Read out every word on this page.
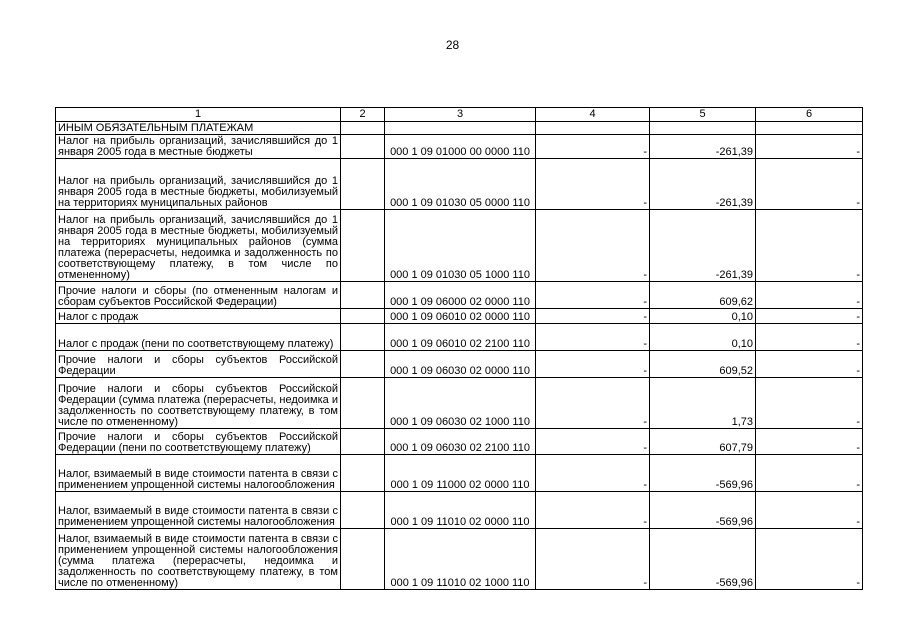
28
1	2	3	4	5	6
ИНЫМ ОБЯЗАТЕЛЬНЫМ ПЛАТЕЖАМ					
Налог на прибыль организаций, зачислявшийся до 1 января 2005 года в местные бюджеты		000 1 09 01000 00 0000 110	-	-261,39	-
Налог на прибыль организаций, зачислявшийся до 1 января 2005 года в местные бюджеты, мобилизуемый на территориях муниципальных районов		000 1 09 01030 05 0000 110	-	-261,39	-
Налог на прибыль организаций, зачислявшийся до 1 января 2005 года в местные бюджеты, мобилизуемый на территориях муниципальных районов (сумма платежа (перерасчеты, недоимка и задолженность по соответствующему платежу, в том числе по отмененному)		000 1 09 01030 05 1000 110	-	-261,39	-
Прочие налоги и сборы (по отмененным налогам и сборам субъектов Российской Федерации)		000 1 09 06000 02 0000 110	-	609,62	-
Налог с продаж		000 1 09 06010 02 0000 110	-	0,10	-
Налог с продаж (пени по соответствующему платежу)		000 1 09 06010 02 2100 110	-	0,10	-
Прочие налоги и сборы субъектов Российской Федерации		000 1 09 06030 02 0000 110	-	609,52	-
Прочие налоги и сборы субъектов Российской Федерации (сумма платежа (перерасчеты, недоимка и задолженность по соответствующему платежу, в том числе по отмененному)		000 1 09 06030 02 1000 110	-	1,73	-
Прочие налоги и сборы субъектов Российской Федерации (пени по соответствующему платежу)		000 1 09 06030 02 2100 110	-	607,79	-
Налог, взимаемый в виде стоимости патента в связи с применением упрощенной системы налогообложения		000 1 09 11000 02 0000 110	-	-569,96	-
Налог, взимаемый в виде стоимости патента в связи с применением упрощенной системы налогообложения		000 1 09 11010 02 0000 110	-	-569,96	-
Налог, взимаемый в виде стоимости патента в связи с применением упрощенной системы налогообложения (сумма платежа (перерасчеты, недоимка и задолженность по соответствующему платежу, в том числе по отмененному)		000 1 09 11010 02 1000 110	-	-569,96	-
